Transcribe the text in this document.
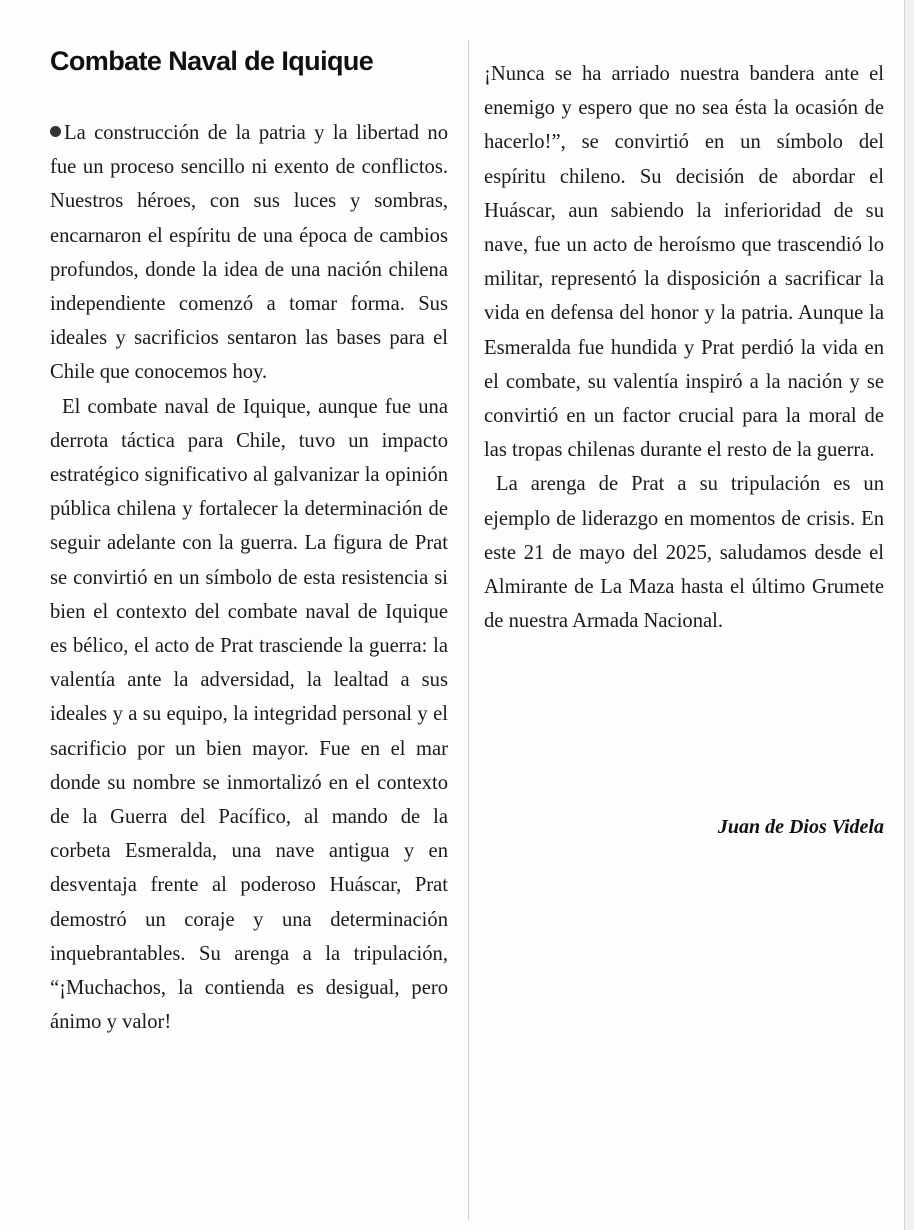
Combate Naval de Iquique

La construcción de la patria y la libertad no fue un proceso sencillo ni exento de conflictos. Nuestros héroes, con sus luces y sombras, encarnaron el espíritu de una época de cambios profundos, donde la idea de una nación chilena independiente comenzó a tomar forma. Sus ideales y sacrificios sentaron las bases para el Chile que conocemos hoy.

El combate naval de Iquique, aunque fue una derrota táctica para Chile, tuvo un impacto estratégico significativo al galvanizar la opinión pública chilena y fortalecer la determinación de seguir adelante con la guerra. La figura de Prat se convirtió en un símbolo de esta resistencia si bien el contexto del combate naval de Iquique es bélico, el acto de Prat trasciende la guerra: la valentía ante la adversidad, la lealtad a sus ideales y a su equipo, la integridad personal y el sacrificio por un bien mayor. Fue en el mar donde su nombre se inmortalizó en el contexto de la Guerra del Pacífico, al mando de la corbeta Esmeralda, una nave antigua y en desventaja frente al poderoso Huáscar, Prat demostró un coraje y una determinación inquebrantables. Su arenga a la tripulación, “¡Muchachos, la contienda es desigual, pero ánimo y valor!

¡Nunca se ha arriado nuestra bandera ante el enemigo y espero que no sea ésta la ocasión de hacerlo!”, se convirtió en un símbolo del espíritu chileno. Su decisión de abordar el Huáscar, aun sabiendo la inferioridad de su nave, fue un acto de heroísmo que trascendió lo militar, representó la disposición a sacrificar la vida en defensa del honor y la patria. Aunque la Esmeralda fue hundida y Prat perdió la vida en el combate, su valentía inspiró a la nación y se convirtió en un factor crucial para la moral de las tropas chilenas durante el resto de la guerra.

La arenga de Prat a su tripulación es un ejemplo de liderazgo en momentos de crisis. En este 21 de mayo del 2025, saludamos desde el Almirante de La Maza hasta el último Grumete de nuestra Armada Nacional.

Juan de Dios Videla
